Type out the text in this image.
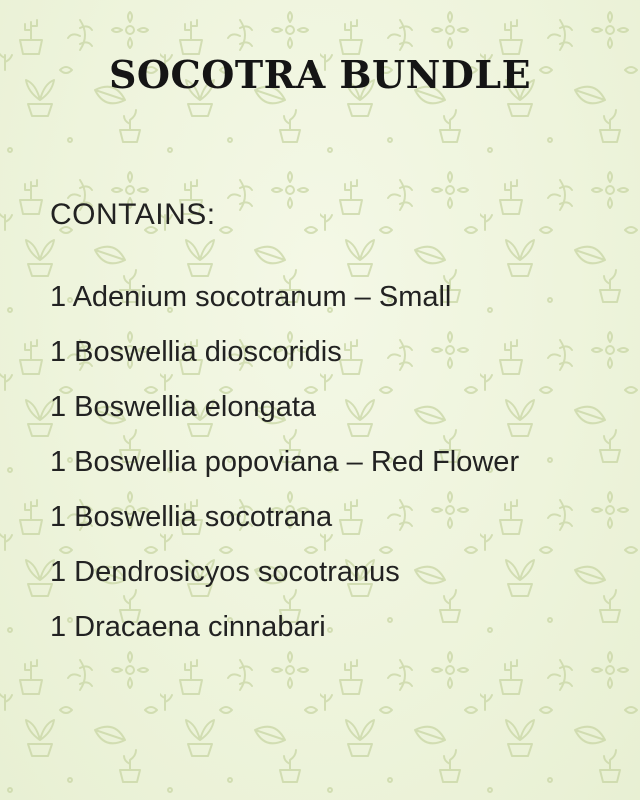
SOCOTRA BUNDLE
CONTAINS:
1 Adenium socotranum – Small
1 Boswellia dioscoridis
1 Boswellia elongata
1 Boswellia popoviana – Red Flower
1 Boswellia socotrana
1 Dendrosicyos socotranus
1 Dracaena cinnabari
